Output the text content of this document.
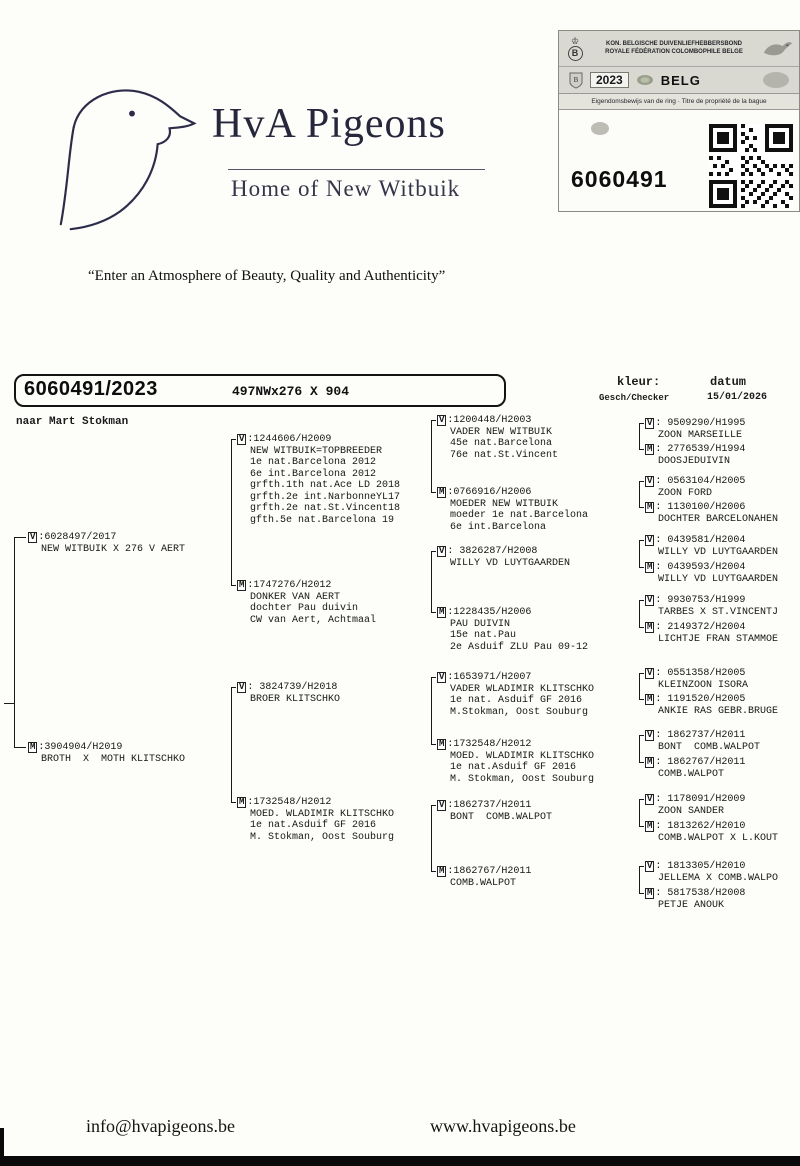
HvA Pigeons
Home of New Witbuik
“Enter an Atmosphere of Beauty, Quality and Authenticity”
♔
B
KON. BELGISCHE DUIVENLIEFHEBBERSBOND
ROYALE FÉDÉRATION COLOMBOPHILE BELGE
B	2023	BELG
Eigendomsbewijs van de ring · Titre de propriété de la bague
6060491
6060491/2023	497NWx276 X 904
kleur:	datum
Gesch/Checker	15/01/2026
naar Mart Stokman
V :6028497/2017
NEW WITBUIK X 276 V AERT
M :3904904/H2019
BROTH  X  MOTH KLITSCHKO
V :1244606/H2009
NEW WITBUIK=TOPBREEDER
1e nat.Barcelona 2012
6e int.Barcelona 2012
grfth.1th nat.Ace LD 2018
grfth.2e int.NarbonneYL17
grfth.2e nat.St.Vincent18
gfth.5e nat.Barcelona 19
M :1747276/H2012
DONKER VAN AERT
dochter Pau duivin
CW van Aert, Achtmaal
V : 3824739/H2018
BROER KLITSCHKO
M :1732548/H2012
MOED. WLADIMIR KLITSCHKO
1e nat.Asduif GF 2016
M. Stokman, Oost Souburg
V :1200448/H2003
VADER NEW WITBUIK
45e nat.Barcelona
76e nat.St.Vincent
M :0766916/H2006
MOEDER NEW WITBUIK
moeder 1e nat.Barcelona
6e int.Barcelona
V : 3826287/H2008
WILLY VD LUYTGAARDEN
M :1228435/H2006
PAU DUIVIN
15e nat.Pau
2e Asduif ZLU Pau 09-12
V :1653971/H2007
VADER WLADIMIR KLITSCHKO
1e nat. Asduif GF 2016
M.Stokman, Oost Souburg
M :1732548/H2012
MOED. WLADIMIR KLITSCHKO
1e nat.Asduif GF 2016
M. Stokman, Oost Souburg
V :1862737/H2011
BONT  COMB.WALPOT
M :1862767/H2011
COMB.WALPOT
V : 9509290/H1995
ZOON MARSEILLE
M : 2776539/H1994
DOOSJEDUIVIN
V : 0563104/H2005
ZOON FORD
M : 1130100/H2006
DOCHTER BARCELONAHEN
V : 0439581/H2004
WILLY VD LUYTGAARDEN
M : 0439593/H2004
WILLY VD LUYTGAARDEN
V : 9930753/H1999
TARBES X ST.VINCENTJ
M : 2149372/H2004
LICHTJE FRAN STAMMOE
V : 0551358/H2005
KLEINZOON ISORA
M : 1191520/H2005
ANKIE RAS GEBR.BRUGE
V : 1862737/H2011
BONT  COMB.WALPOT
M : 1862767/H2011
COMB.WALPOT
V : 1178091/H2009
ZOON SANDER
M : 1813262/H2010
COMB.WALPOT X L.KOUT
V : 1813305/H2010
JELLEMA X COMB.WALPO
M : 5817538/H2008
PETJE ANOUK
info@hvapigeons.be	www.hvapigeons.be
